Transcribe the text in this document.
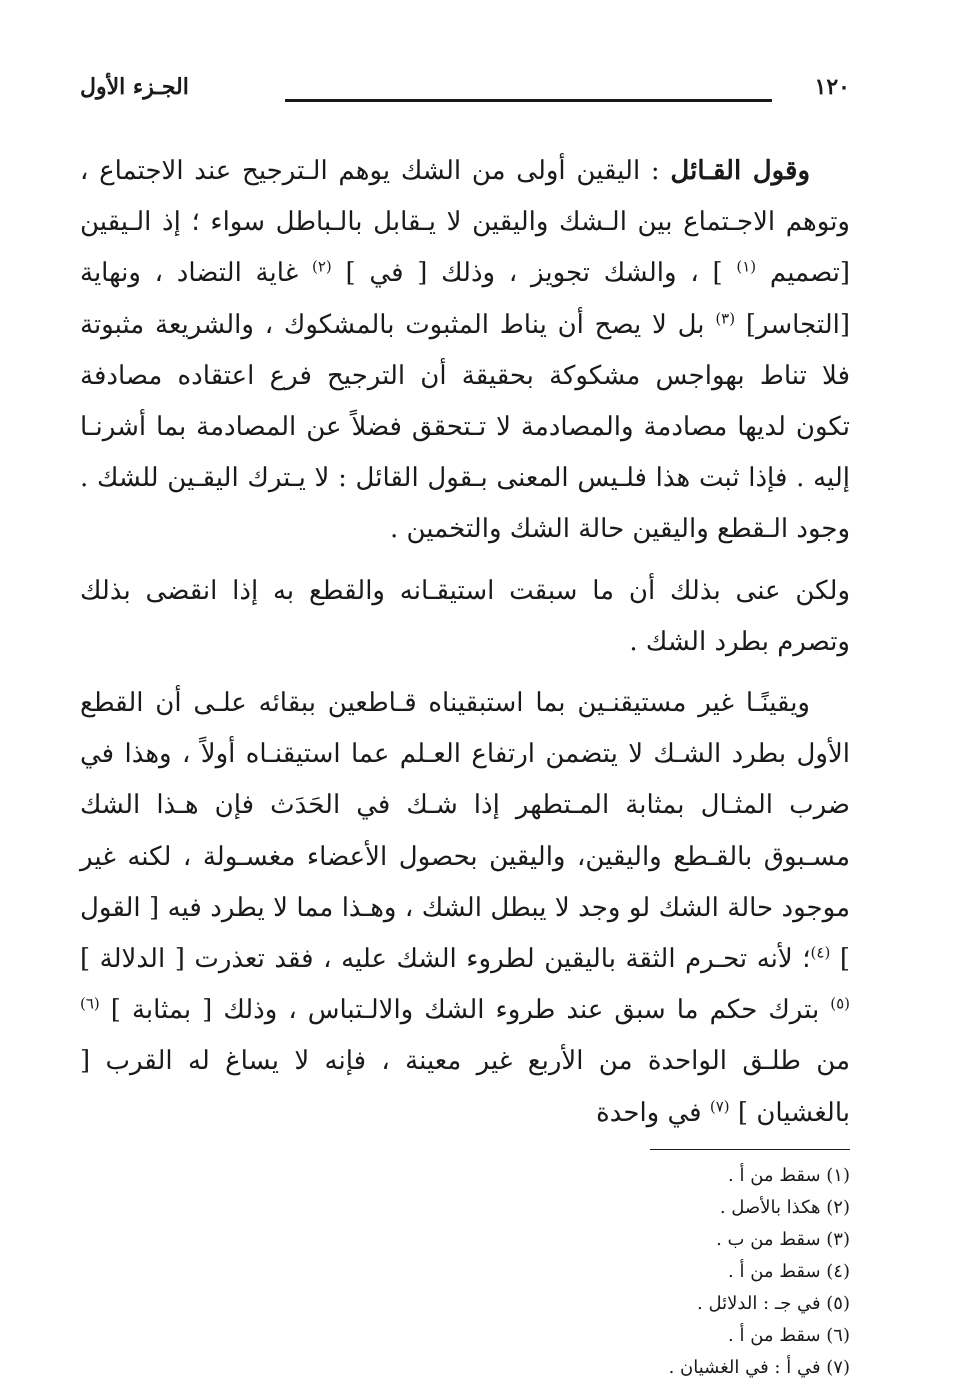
١٢٠
الجـزء الأول

وقول القـائل : اليقين أولى من الشك يوهم الـترجيح عند الاجتماع ، وتوهم الاجـتماع بين الـشك واليقين لا يـقابل بالـباطل سواء ؛ إذ الـيقين [تصميم $^{(١)}$ ] ، والشك تجويز ، وذلك [ في ] $^{(٢)}$ غاية التضاد ، ونهاية [التجاسر] $^{(٣)}$ بل لا يصح أن يناط المثبوت بالمشكوك ، والشريعة مثبوتة فلا تناط بهواجس مشكوكة بحقيقة أن الترجيح فرع اعتقاده مصادفة تكون لديها مصادمة والمصادمة لا تـتحقق فضلاً عن المصادمة بما أشرنـا إليه . فإذا ثبت هذا فلـيس المعنى بـقول القائل : لا يـترك اليقـين للشك . وجود الـقطع واليقين حالة الشك والتخمين .

ولكن عنى بذلك أن ما سبقت استيقـانه والقطع به إذا انقضى بذلك وتصرم بطرد الشك .

ويقينًـا غير مستيقنـين بما استبقيناه قـاطعين ببقائه علـى أن القطع الأول بطرد الشـك لا يتضمن ارتفاع العـلم عما استيقنـاه أولاً ، وهذا في ضرب المثـال بمثابة المـتطهر إذا شـك في الحَدَث فإن هـذا الشك مسـبوق بالقـطع واليقين، واليقين بحصول الأعضاء مغسـولة ، لكنه غير موجود حالة الشك لو وجد لا يبطل الشك ، وهـذا مما لا يطرد فيه [ القول ] $^{(٤)}$؛ لأنه تحـرم الثقة باليقين لطروء الشك عليه ، فقد تعذرت [ الدلالة ] $^{(٥)}$ بترك حكم ما سبق عند طروء الشك والالـتباس ، وذلك [ بمثابة ] $^{(٦)}$ من طلـق الواحدة من الأربع غير معينة ، فإنه لا يساغ له القرب [ بالغشيان ] $^{(٧)}$ في واحدة

(١) سقط من أ .
(٢) هكذا بالأصل .
(٣) سقط من ب .
(٤) سقط من أ .
(٥) في جـ : الدلائل .
(٦) سقط من أ .
(٧) في أ : في الغشيان .
